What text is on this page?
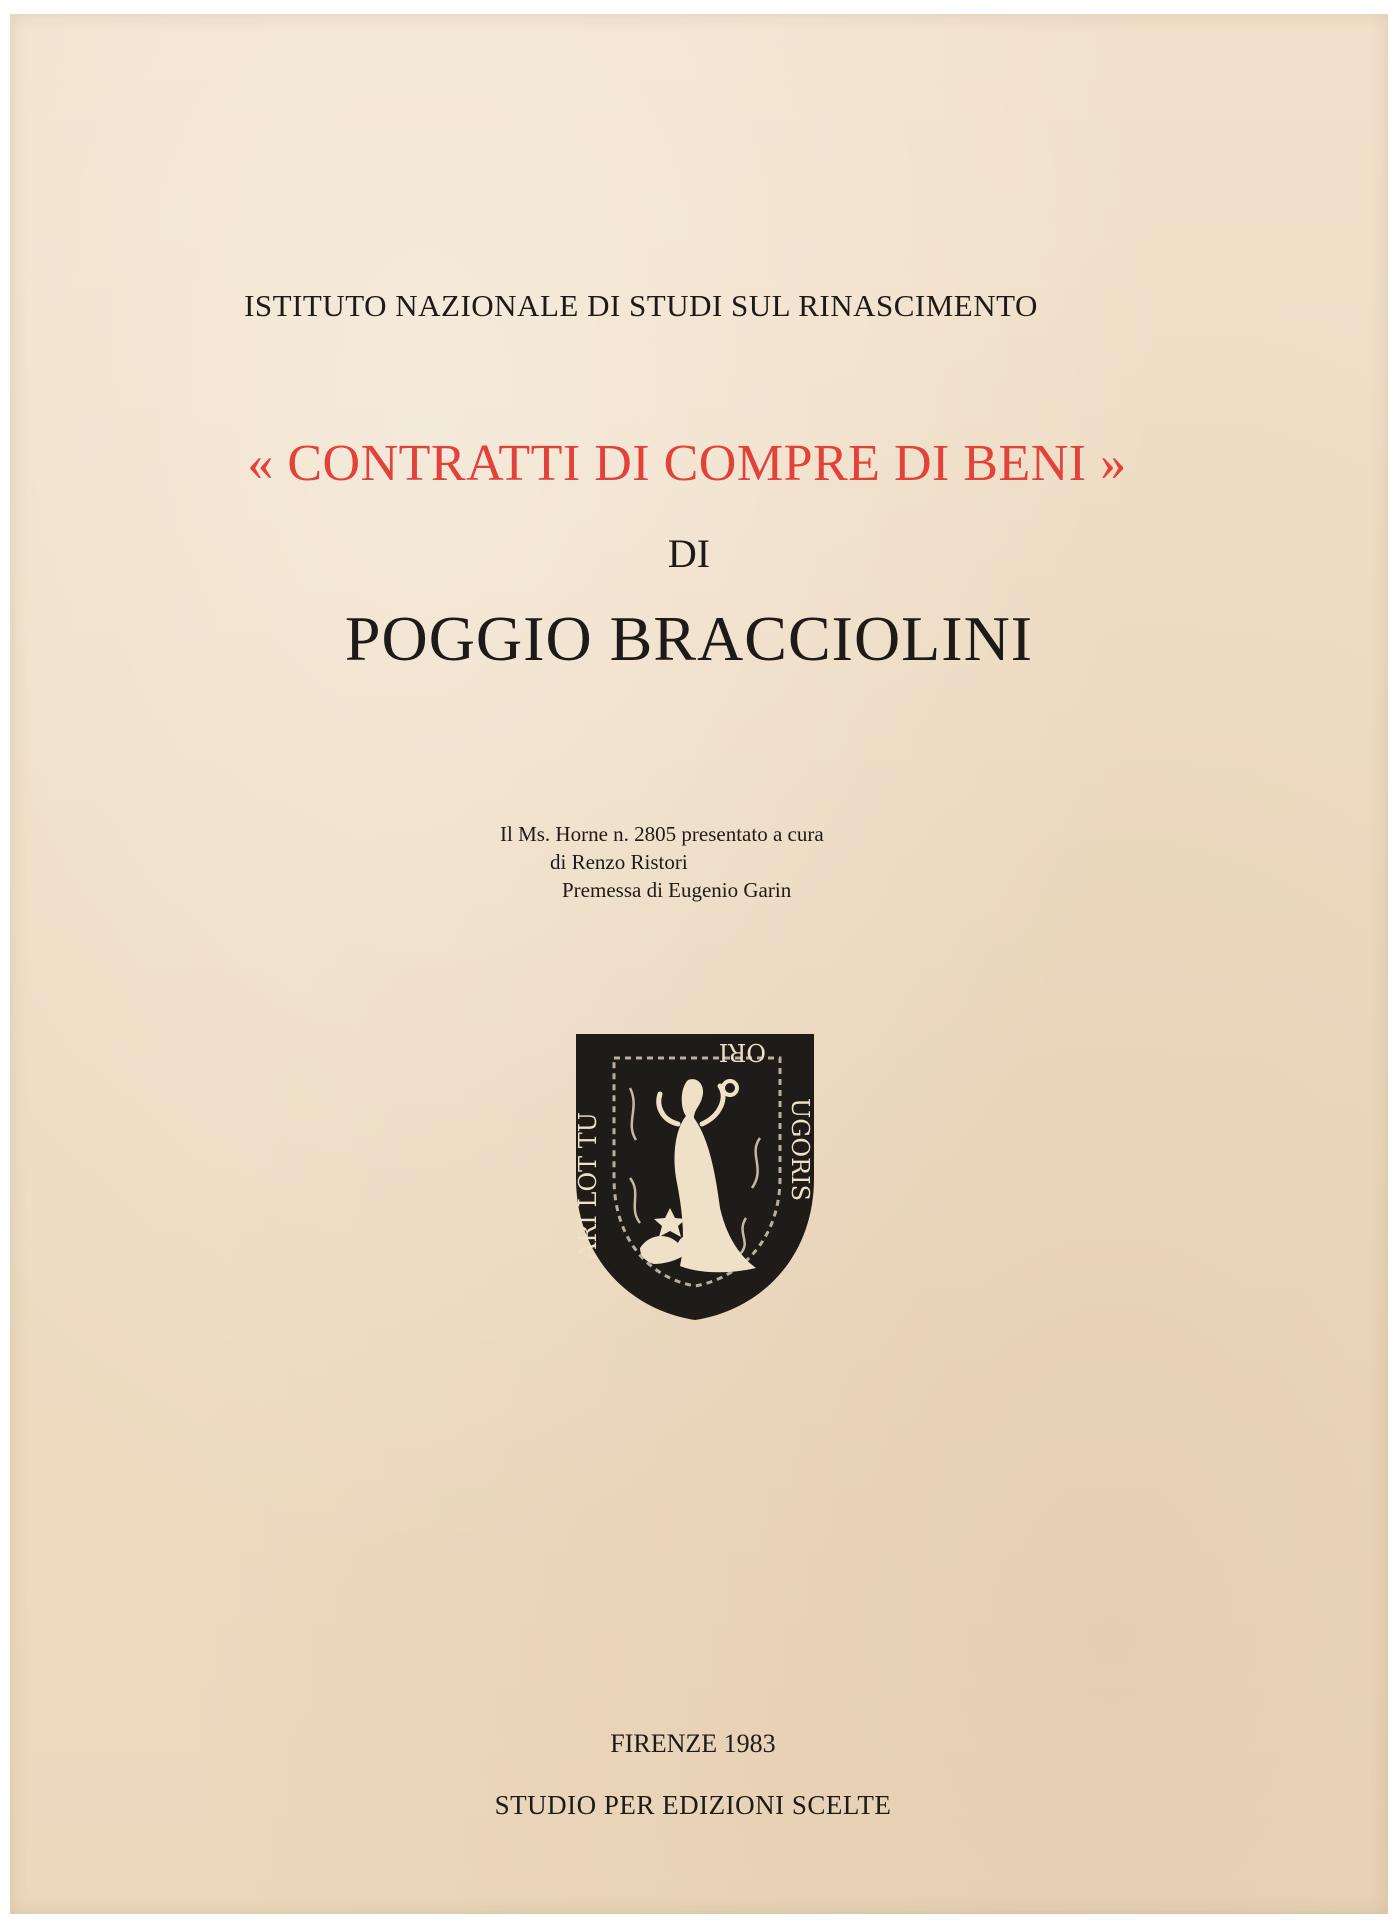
ISTITUTO NAZIONALE DI STUDI SUL RINASCIMENTO

« CONTRATTI DI COMPRE DI BENI »

DI

POGGIO BRACCIOLINI

Il Ms. Horne n. 2805 presentato a cura
di Renzo Ristori
Premessa di Eugenio Garin
ORI
UGORIS
ARI LOT TU

FIRENZE 1983

STUDIO PER EDIZIONI SCELTE
